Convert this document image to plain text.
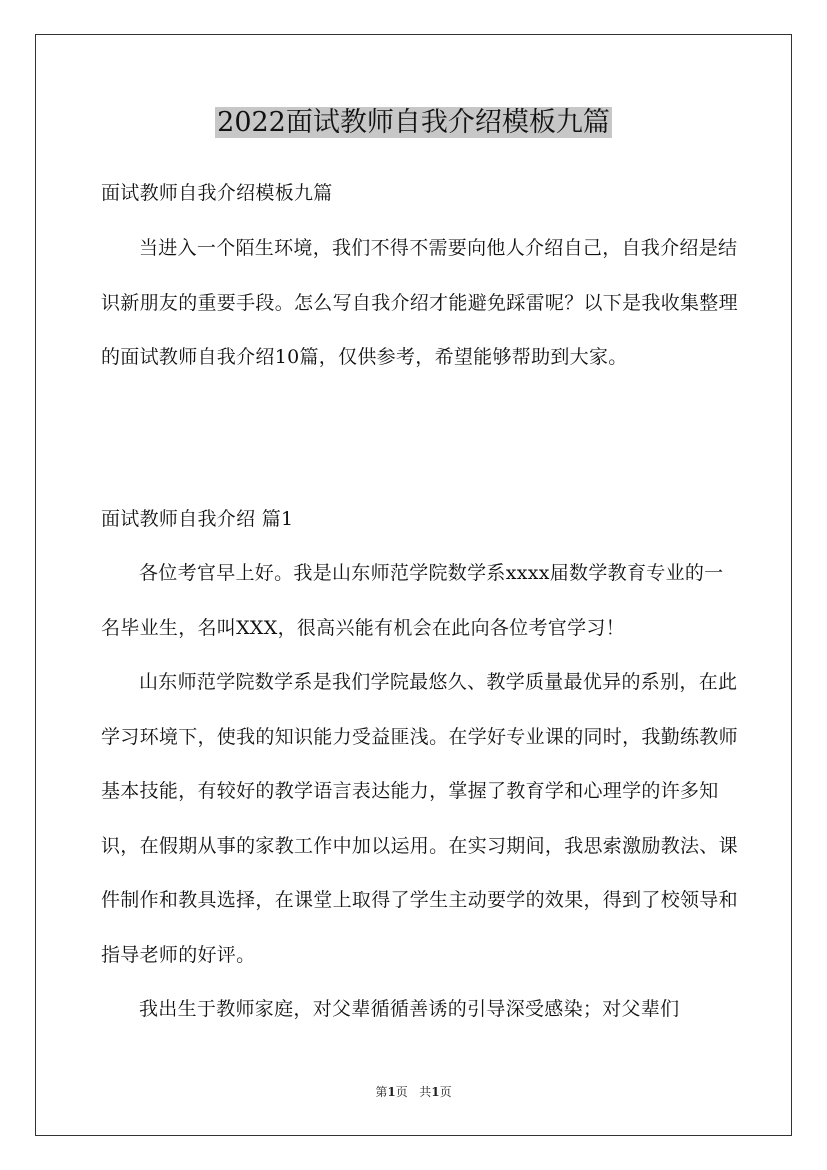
2022面试教师自我介绍模板九篇

面试教师自我介绍模板九篇

当进入一个陌生环境，我们不得不需要向他人介绍自己，自我介绍是结识新朋友的重要手段。怎么写自我介绍才能避免踩雷呢？以下是我收集整理的面试教师自我介绍10篇，仅供参考，希望能够帮助到大家。

面试教师自我介绍 篇1

各位考官早上好。我是山东师范学院数学系xxxx届数学教育专业的一名毕业生，名叫XXX，很高兴能有机会在此向各位考官学习！

山东师范学院数学系是我们学院最悠久、教学质量最优异的系别，在此学习环境下，使我的知识能力受益匪浅。在学好专业课的同时，我勤练教师基本技能，有较好的教学语言表达能力，掌握了教育学和心理学的许多知识，在假期从事的家教工作中加以运用。在实习期间，我思索激励教法、课件制作和教具选择，在课堂上取得了学生主动要学的效果，得到了校领导和指导老师的好评。

我出生于教师家庭，对父辈循循善诱的引导深受感染；对父辈们

第1页 共1页
